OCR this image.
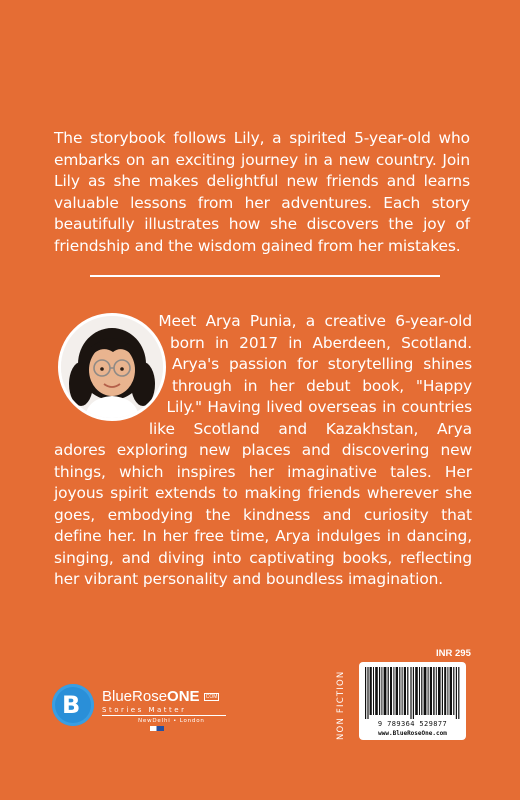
The storybook follows Lily, a spirited 5-year-old who embarks on an exciting journey in a new country. Join Lily as she makes delightful new friends and learns valuable lessons from her adventures. Each story beautifully illustrates how she discovers the joy of friendship and the wisdom gained from her mistakes.
Meet Arya Punia, a creative 6-year-old born in 2017 in Aberdeen, Scotland. Arya's passion for storytelling shines through in her debut book, "Happy Lily." Having lived overseas in countries like Scotland and Kazakhstan, Arya adores exploring new places and discovering new things, which inspires her imaginative tales. Her joyous spirit extends to making friends wherever she goes, embodying the kindness and curiosity that define her. In her free time, Arya indulges in dancing, singing, and diving into captivating books, reflecting her vibrant personality and boundless imagination.
B BlueRoseONE COM
Stories Matter
NewDelhi • London	NON FICTION
INR 295
9 789364 529877
www.BlueRoseOne.com
